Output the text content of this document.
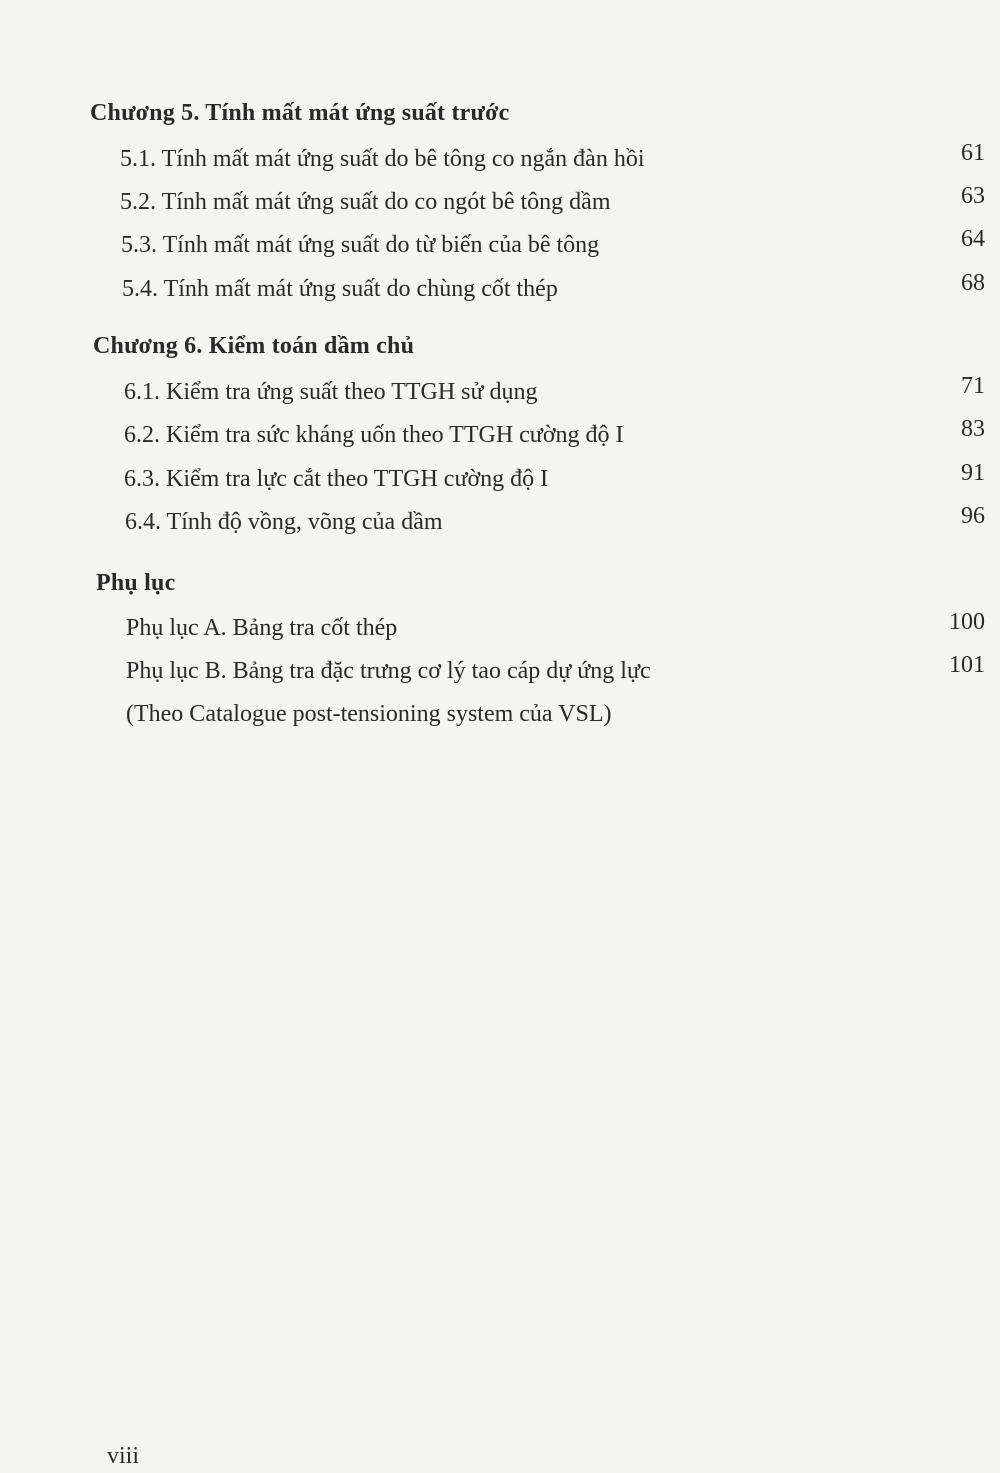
Chương 5. Tính mất mát ứng suất trước
5.1. Tính mất mát ứng suất do bê tông co ngắn đàn hồi	61
5.2. Tính mất mát ứng suất do co ngót bê tông dầm	63
5.3. Tính mất mát ứng suất do từ biến của bê tông	64
5.4. Tính mất mát ứng suất do chùng cốt thép	68
Chương 6. Kiểm toán dầm chủ
6.1. Kiểm tra ứng suất theo TTGH sử dụng	71
6.2. Kiểm tra sức kháng uốn theo TTGH cường độ I	83
6.3. Kiểm tra lực cắt theo TTGH cường độ I	91
6.4. Tính độ vồng, võng của dầm	96
Phụ lục
Phụ lục A. Bảng tra cốt thép	100
Phụ lục B. Bảng tra đặc trưng cơ lý tao cáp dự ứng lực	101
(Theo Catalogue post-tensioning system của VSL)
viii
